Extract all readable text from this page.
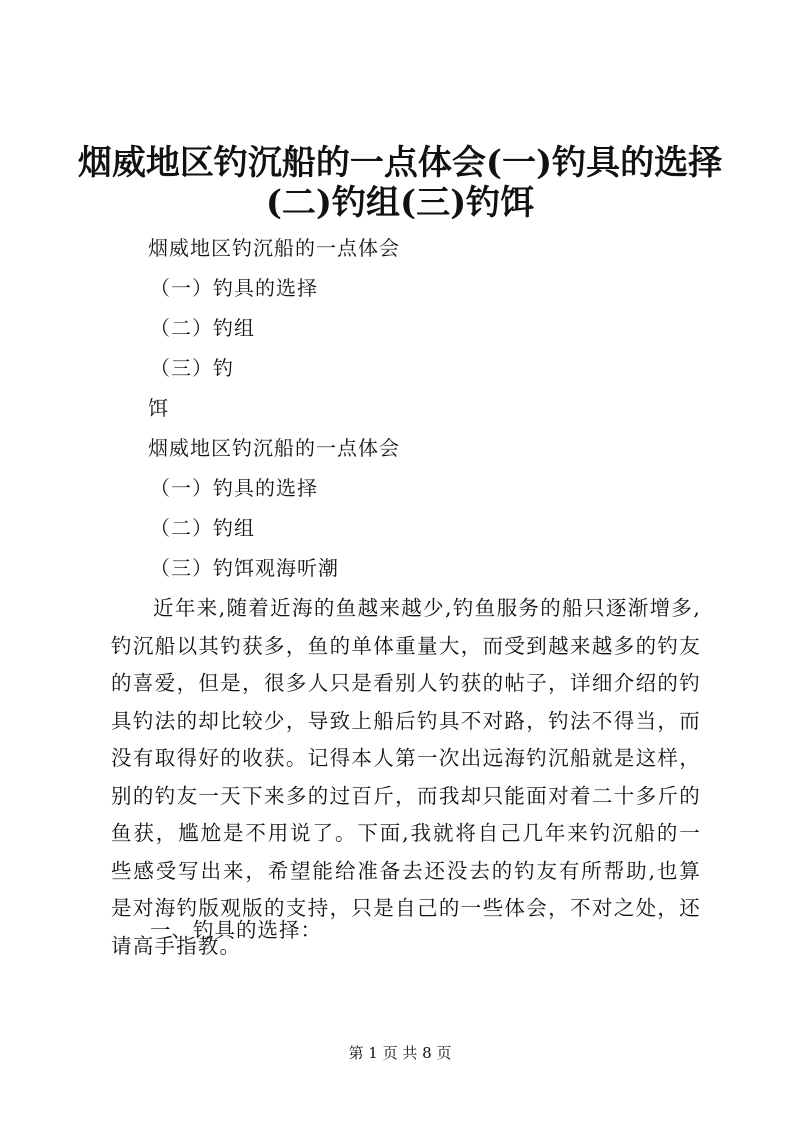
烟威地区钓沉船的一点体会(一)钓具的选择
(二)钓组(三)钓饵
烟威地区钓沉船的一点体会
（一）钓具的选择
（二）钓组
（三）钓
饵
烟威地区钓沉船的一点体会
（一）钓具的选择
（二）钓组
（三）钓饵观海听潮
近年来,随着近海的鱼越来越少,钓鱼服务的船只逐渐增多,钓沉船以其钓获多，鱼的单体重量大，而受到越来越多的钓友的喜爱，但是，很多人只是看别人钓获的帖子，详细介绍的钓具钓法的却比较少，导致上船后钓具不对路，钓法不得当，而没有取得好的收获。记得本人第一次出远海钓沉船就是这样，别的钓友一天下来多的过百斤，而我却只能面对着二十多斤的鱼获，尴尬是不用说了。下面,我就将自己几年来钓沉船的一些感受写出来，希望能给准备去还没去的钓友有所帮助,也算是对海钓版观版的支持，只是自己的一些体会，不对之处，还请高手指教。
一、钓具的选择：
第 1 页 共 8 页
